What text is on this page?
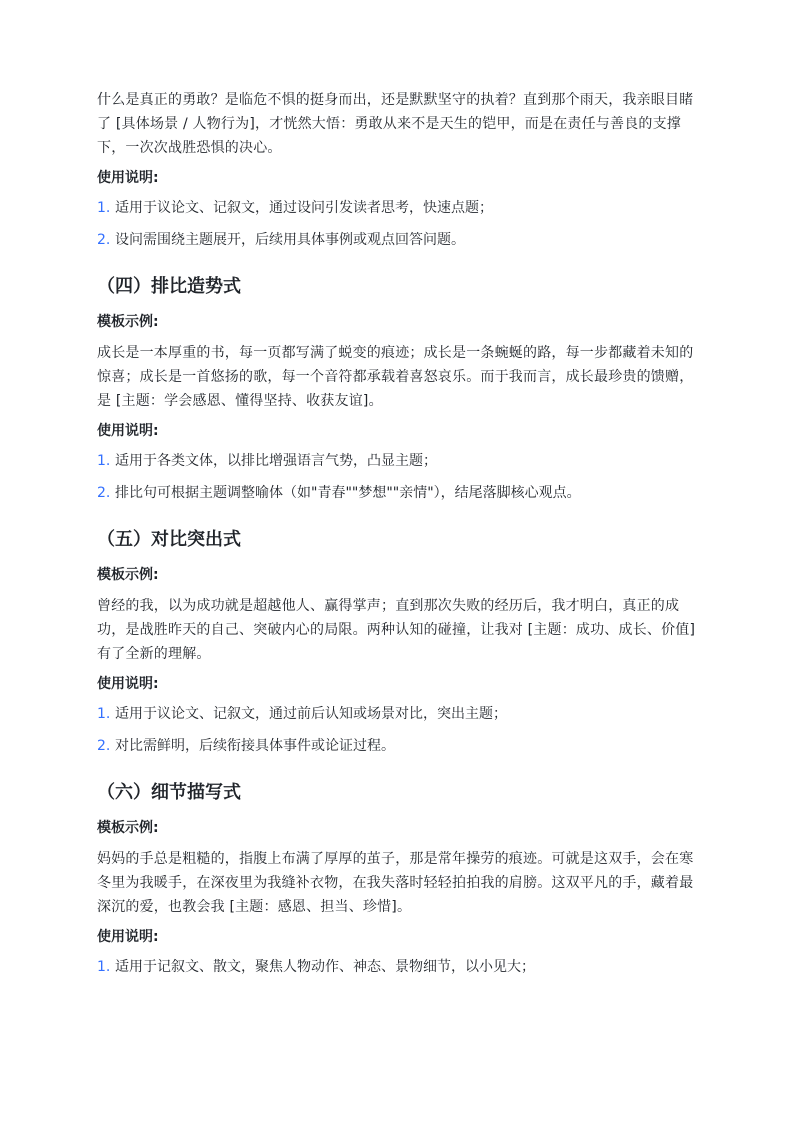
什么是真正的勇敢？是临危不惧的挺身而出，还是默默坚守的执着？直到那个雨天，我亲眼目睹了 [具体场景 / 人物行为]，才恍然大悟：勇敢从来不是天生的铠甲，而是在责任与善良的支撑下，一次次战胜恐惧的决心。

使用说明:
1. 适用于议论文、记叙文，通过设问引发读者思考，快速点题；
2. 设问需围绕主题展开，后续用具体事例或观点回答问题。
（四）排比造势式
模板示例:

成长是一本厚重的书，每一页都写满了蜕变的痕迹；成长是一条蜿蜒的路，每一步都藏着未知的惊喜；成长是一首悠扬的歌，每一个音符都承载着喜怒哀乐。而于我而言，成长最珍贵的馈赠，是 [主题：学会感恩、懂得坚持、收获友谊]。

使用说明:
1. 适用于各类文体，以排比增强语言气势，凸显主题；
2. 排比句可根据主题调整喻体（如"青春""梦想""亲情"），结尾落脚核心观点。
（五）对比突出式
模板示例:

曾经的我，以为成功就是超越他人、赢得掌声；直到那次失败的经历后，我才明白，真正的成功，是战胜昨天的自己、突破内心的局限。两种认知的碰撞，让我对 [主题：成功、成长、价值] 有了全新的理解。

使用说明:
1. 适用于议论文、记叙文，通过前后认知或场景对比，突出主题；
2. 对比需鲜明，后续衔接具体事件或论证过程。
（六）细节描写式
模板示例:

妈妈的手总是粗糙的，指腹上布满了厚厚的茧子，那是常年操劳的痕迹。可就是这双手，会在寒冬里为我暖手，在深夜里为我缝补衣物，在我失落时轻轻拍拍我的肩膀。这双平凡的手，藏着最深沉的爱，也教会我 [主题：感恩、担当、珍惜]。

使用说明:
1. 适用于记叙文、散文，聚焦人物动作、神态、景物细节，以小见大；
